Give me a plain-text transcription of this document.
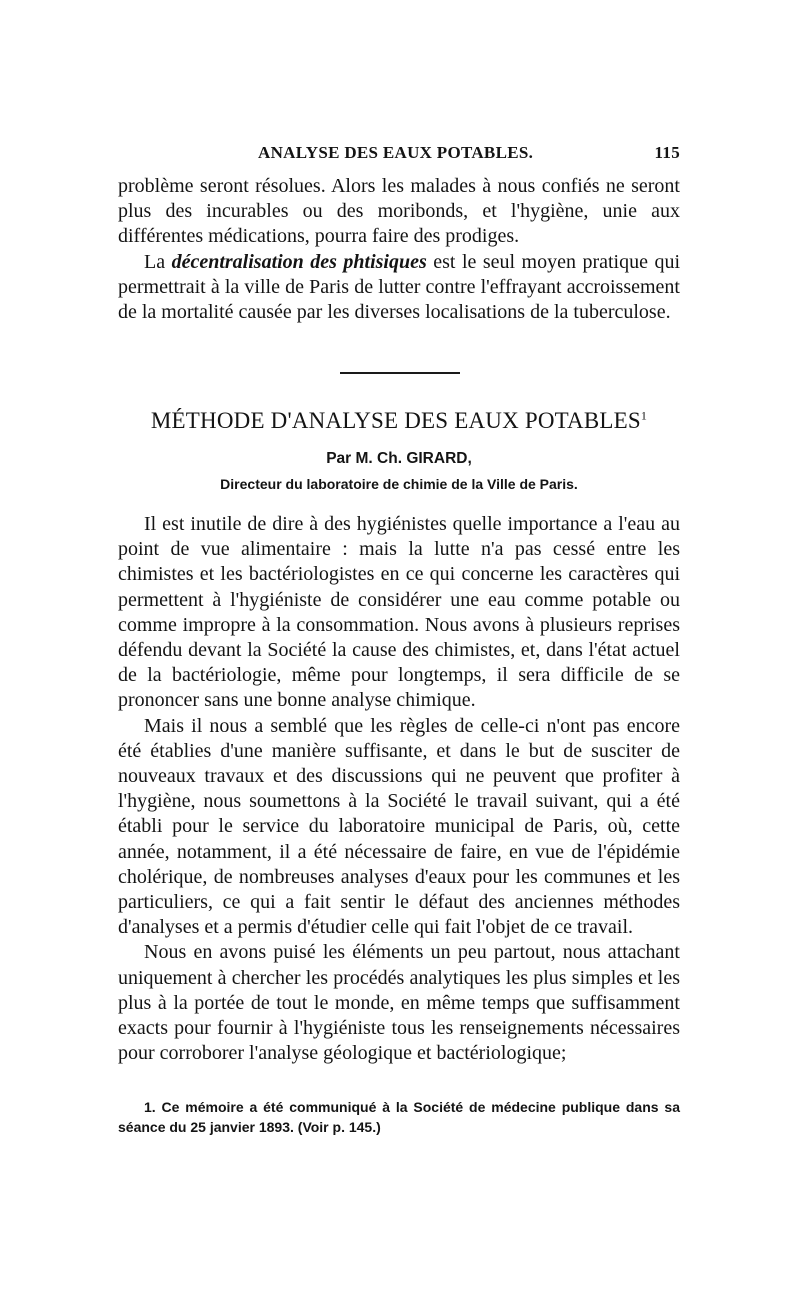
ANALYSE DES EAUX POTABLES.	115

problème seront résolues. Alors les malades à nous confiés ne seront plus des incurables ou des moribonds, et l'hygiène, unie aux différentes médications, pourra faire des prodiges.

La décentralisation des phtisiques est le seul moyen pratique qui permettrait à la ville de Paris de lutter contre l'effrayant accroissement de la mortalité causée par les diverses localisations de la tuberculose.

MÉTHODE D'ANALYSE DES EAUX POTABLES$^1$
Par M. Ch. GIRARD,
Directeur du laboratoire de chimie de la Ville de Paris.

Il est inutile de dire à des hygiénistes quelle importance a l'eau au point de vue alimentaire : mais la lutte n'a pas cessé entre les chimistes et les bactériologistes en ce qui concerne les caractères qui permettent à l'hygiéniste de considérer une eau comme potable ou comme impropre à la consommation. Nous avons à plusieurs reprises défendu devant la Société la cause des chimistes, et, dans l'état actuel de la bactériologie, même pour longtemps, il sera difficile de se prononcer sans une bonne analyse chimique.

Mais il nous a semblé que les règles de celle-ci n'ont pas encore été établies d'une manière suffisante, et dans le but de susciter de nouveaux travaux et des discussions qui ne peuvent que profiter à l'hygiène, nous soumettons à la Société le travail suivant, qui a été établi pour le service du laboratoire municipal de Paris, où, cette année, notamment, il a été nécessaire de faire, en vue de l'épidémie cholérique, de nombreuses analyses d'eaux pour les communes et les particuliers, ce qui a fait sentir le défaut des anciennes méthodes d'analyses et a permis d'étudier celle qui fait l'objet de ce travail.

Nous en avons puisé les éléments un peu partout, nous attachant uniquement à chercher les procédés analytiques les plus simples et les plus à la portée de tout le monde, en même temps que suffisamment exacts pour fournir à l'hygiéniste tous les renseignements nécessaires pour corroborer l'analyse géologique et bactériologique;

1. Ce mémoire a été communiqué à la Société de médecine publique dans sa séance du 25 janvier 1893. (Voir p. 145.)
